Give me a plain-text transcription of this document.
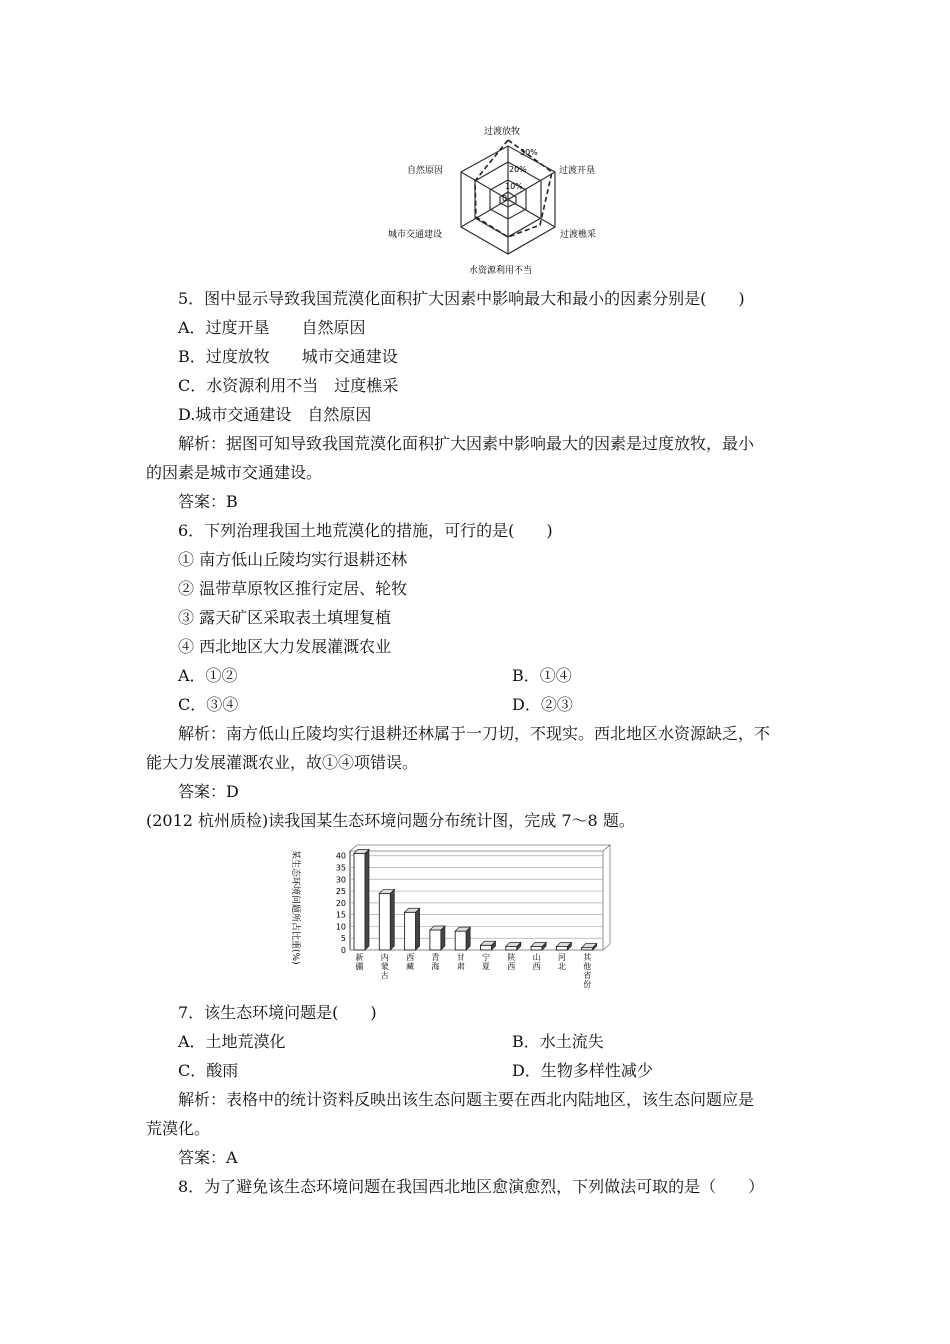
30%
20%
10%
0
过渡放牧
过渡开垦
过渡樵采
水资源利用不当
城市交通建设
自然原因
5．图中显示导致我国荒漠化面积扩大因素中影响最大和最小的因素分别是(　　)
A．过度开垦　　自然原因
B．过度放牧　　城市交通建设
C．水资源利用不当　过度樵采
D.城市交通建设　自然原因
解析：据图可知导致我国荒漠化面积扩大因素中影响最大的因素是过度放牧，最小
的因素是城市交通建设。
答案：B
6．下列治理我国土地荒漠化的措施，可行的是(　　)
① 南方低山丘陵均实行退耕还林
② 温带草原牧区推行定居、轮牧
③ 露天矿区采取表土填埋复植
④ 西北地区大力发展灌溉农业
A．①②	B．①④
C．③④	D．②③
解析：南方低山丘陵均实行退耕还林属于一刀切，不现实。西北地区水资源缺乏，不
能大力发展灌溉农业，故①④项错误。
答案：D
(2012 杭州质检)读我国某生态环境问题分布统计图，完成 7～8 题。
某生态环境问题所占比重(%)	0
5
10
15
20
25
30
35
40
新疆
内蒙古
西藏
青海
甘肃
宁夏
陕西
山西
河北
其他省份
7．该生态环境问题是(　　)
A．土地荒漠化	B．水土流失
C．酸雨	D．生物多样性减少
解析：表格中的统计资料反映出该生态问题主要在西北内陆地区，该生态问题应是
荒漠化。
答案：A
8．为了避免该生态环境问题在我国西北地区愈演愈烈，下列做法可取的是（　　）
